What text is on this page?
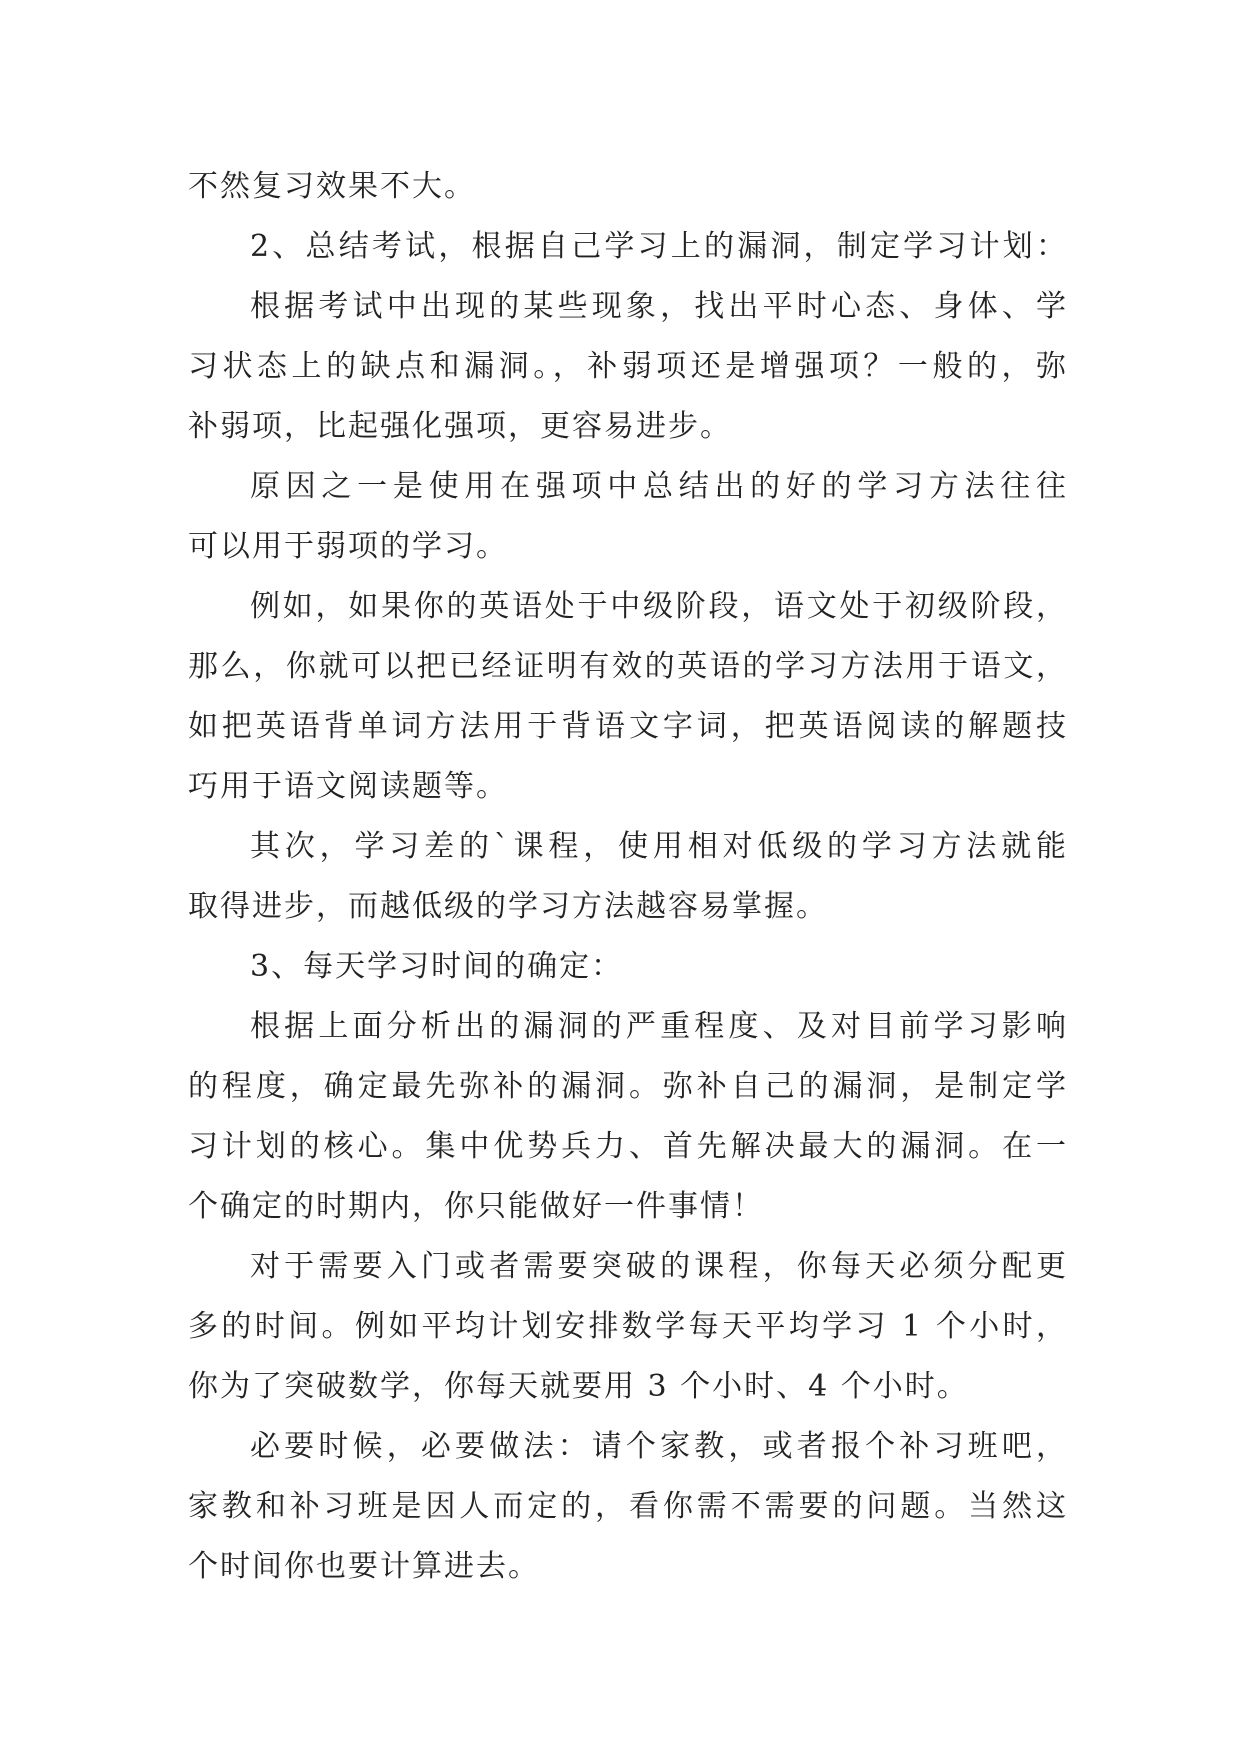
不然复习效果不大。
2、总结考试，根据自己学习上的漏洞，制定学习计划：
根据考试中出现的某些现象，找出平时心态、身体、学
习状态上的缺点和漏洞。，补弱项还是增强项？一般的，弥
补弱项，比起强化强项，更容易进步。
原因之一是使用在强项中总结出的好的学习方法往往
可以用于弱项的学习。
例如，如果你的英语处于中级阶段，语文处于初级阶段，
那么，你就可以把已经证明有效的英语的学习方法用于语文，
如把英语背单词方法用于背语文字词，把英语阅读的解题技
巧用于语文阅读题等。
其次，学习差的`课程，使用相对低级的学习方法就能
取得进步，而越低级的学习方法越容易掌握。
3、每天学习时间的确定：
根据上面分析出的漏洞的严重程度、及对目前学习影响
的程度，确定最先弥补的漏洞。弥补自己的漏洞，是制定学
习计划的核心。集中优势兵力、首先解决最大的漏洞。在一
个确定的时期内，你只能做好一件事情！
对于需要入门或者需要突破的课程，你每天必须分配更
多的时间。例如平均计划安排数学每天平均学习 1 个小时，
你为了突破数学，你每天就要用 3 个小时、4 个小时。
必要时候，必要做法：请个家教，或者报个补习班吧，
家教和补习班是因人而定的，看你需不需要的问题。当然这
个时间你也要计算进去。
